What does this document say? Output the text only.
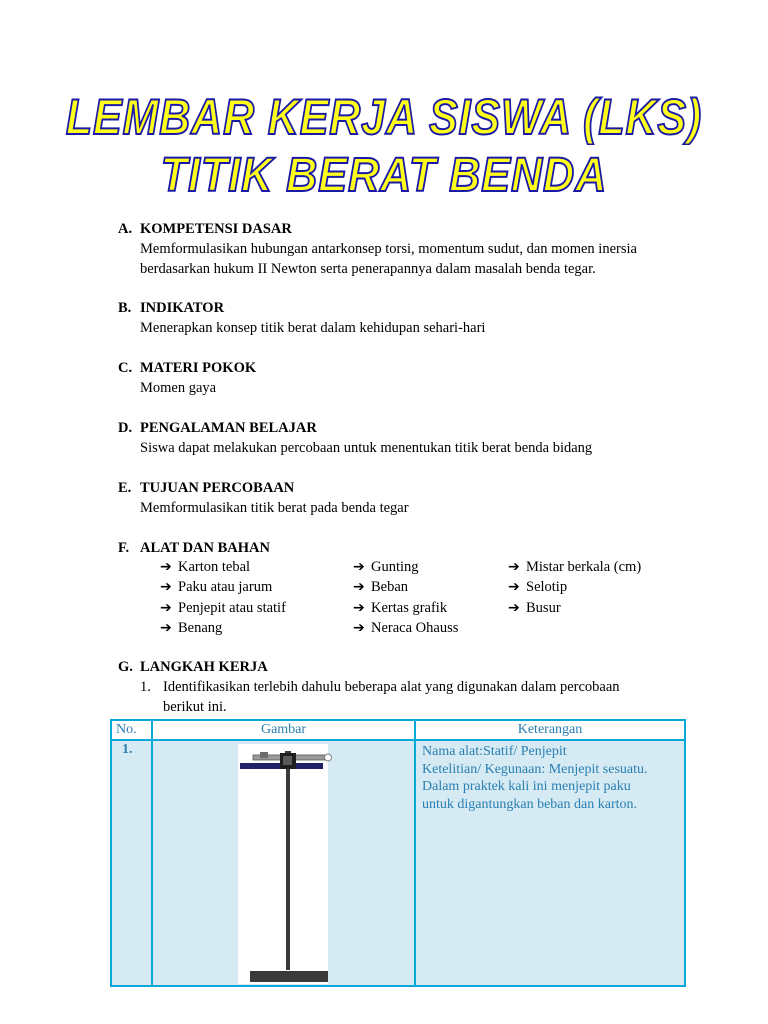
LEMBAR KERJA SISWA (LKS)
TITIK BERAT BENDA
A. KOMPETENSI DASAR
Memformulasikan hubungan antarkonsep torsi, momentum sudut, dan momen inersia berdasarkan hukum II Newton serta penerapannya dalam masalah benda tegar.
B. INDIKATOR
Menerapkan konsep titik berat dalam kehidupan sehari-hari
C. MATERI POKOK
Momen gaya
D. PENGALAMAN BELAJAR
Siswa dapat melakukan percobaan untuk menentukan titik berat benda bidang
E. TUJUAN PERCOBAAN
Memformulasikan titik berat pada benda tegar
F. ALAT DAN BAHAN
➔ Karton tebal
➔ Paku atau jarum
➔ Penjepit atau statif
➔ Benang
➔ Gunting
➔ Beban
➔ Kertas grafik
➔ Neraca Ohauss
➔ Mistar berkala (cm)
➔ Selotip
➔ Busur
G. LANGKAH KERJA
1. Identifikasikan terlebih dahulu beberapa alat yang digunakan dalam percobaan berikut ini.
No.	Gambar	Keterangan
1.		Nama alat:Statif/ Penjepit
Ketelitian/ Kegunaan: Menjepit sesuatu.
Dalam praktek kali ini menjepit paku
untuk digantungkan beban dan karton.
